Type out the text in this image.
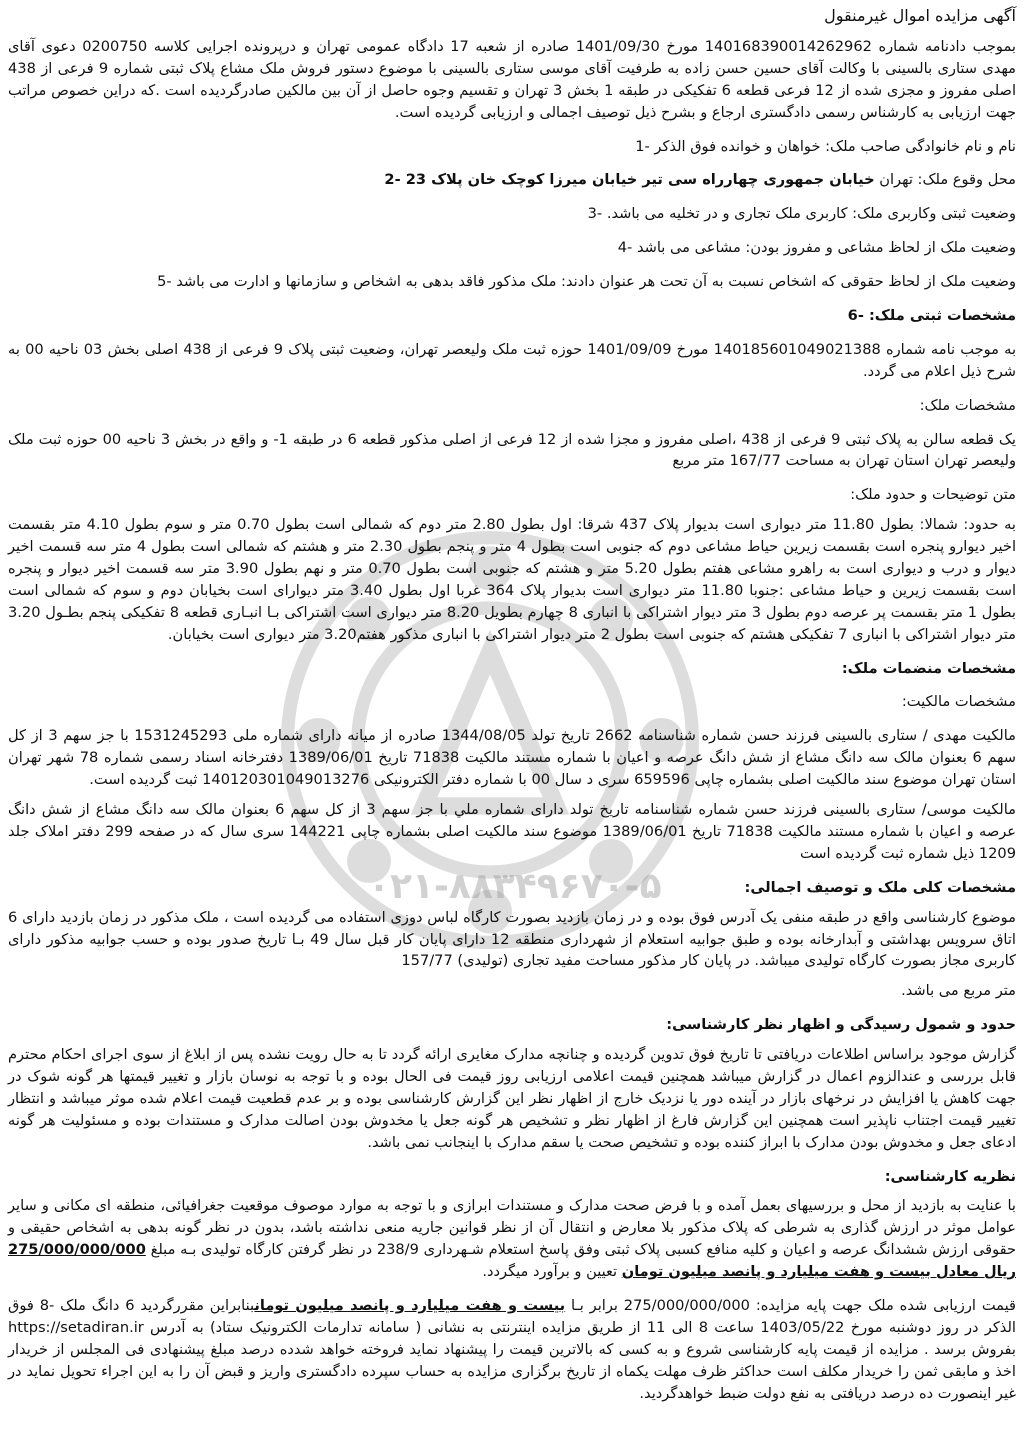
۰۲۱-۸۸۳۴۹۶۷۰-۵

آگهی مزایده اموال غیرمنقول

بموجب دادنامه شماره 140168390014262962 مورخ 1401/09/30 صادره از شعبه 17 دادگاه عمومی تهران و درپرونده اجرایی کلاسه 0200750 دعوی آقای مهدی ستاری بالسینی با وکالت آقای حسین حسن زاده به طرفیت آقای موسی ستاری بالسینی با موضوع دستور فروش ملک مشاع پلاک ثبتی شماره 9 فرعی از 438 اصلی مفروز و مجزی شده از 12 فرعی قطعه 6 تفکیکی در طبقه 1 بخش 3 تهران و تقسیم وجوه حاصل از آن بین مالکین صادرگردیده است .که دراین خصوص مراتب جهت ارزیابی به کارشناس رسمی دادگستری ارجاع و بشرح ذیل توصیف اجمالی و ارزیابی گردیده است.

نام و نام خانوادگی صاحب ملک: خواهان و خوانده فوق الذکر -1

محل وقوع ملک: تهران خیابان جمهوری چهارراه سی تیر خیابان میرزا کوچک خان پلاک 23 -2

وضعیت ثبتی وکاربری ملک: کاربری ملک تجاری و در تخلیه می باشد. -3

وضعیت ملک از لحاظ مشاعی و مفروز بودن: مشاعی می باشد -4

وضعیت ملک از لحاظ حقوقی که اشخاص نسبت به آن تحت هر عنوان دادند: ملک مذکور فاقد بدهی به اشخاص و سازمانها و ادارت می باشد -5

مشخصات ثبتی ملک: -6

به موجب نامه شماره 140185601049021388 مورخ 1401/09/09 حوزه ثبت ملک ولیعصر تهران، وضعیت ثبتی پلاک 9 فرعی از 438 اصلی بخش 03 ناحیه 00 به شرح ذیل اعلام می گردد.

مشخصات ملک:

یک قطعه سالن به پلاک ثبتی 9 فرعی از 438 ،اصلی مفروز و مجزا شده از 12 فرعی از اصلی مذکور قطعه 6 در طبقه 1- و واقع در بخش 3 ناحیه 00 حوزه ثبت ملک ولیعصر تهران استان تهران به مساحت 167/77 متر مربع

متن توضیحات و حدود ملک:

به حدود: شمالا: بطول 11.80 متر دیواری است بدیوار پلاک 437 شرقا: اول بطول 2.80 متر دوم که شمالی است بطول 0.70 متر و سوم بطول 4.10 متر بقسمت اخیر دیوارو پنجره است بقسمت زیرین حیاط مشاعی دوم که جنوبی است بطول 4 متر و پنجم بطول 2.30 متر و هشتم که شمالی است بطول 4 متر سه قسمت اخیر دیوار و درب و دیواری است به راهرو مشاعی هفتم بطول 5.20 متر و هشتم که جنوبی است بطول 0.70 متر و نهم بطول 3.90 متر سه قسمت اخیر دیوار و پنجره است بقسمت زیرین و حیاط مشاعی :جنوبا 11.80 متر دیواری است بدیوار پلاک 364 غربا اول بطول 3.40 متر دیوارای است بخیابان دوم و سوم که شمالی است بطول 1 متر بقسمت پر عرصه دوم بطول 3 متر دیوار اشتراکی با انباری 8 چهارم بطویل 8.20 متر دیواری است اشتراکی بـا انبـاری قطعه 8 تفکیکی پنجم بطـول 3.20 متر دیوار اشتراکی با انباری 7 تفکیکی هشتم که جنوبی است بطول 2 متر دیوار اشتراکی با انباری مذکور هفتم3.20 متر دیواری است بخیابان.

مشخصات منضمات ملک:

مشخصات مالکیت:

مالکیت مهدی / ستاری بالسینی فرزند حسن شماره شناسنامه 2662 تاریخ تولد 1344/08/05 صادره از میانه دارای شماره ملی 1531245293 با جز سهم 3 از کل سهم 6 بعنوان مالک سه دانگ مشاع از شش دانگ عرصه و اعیان با شماره مستند مالکیت 71838 تاریخ 1389/06/01 دفترخانه اسناد رسمی شماره 78 شهر تهران استان تهران موضوع سند مالکیت اصلی بشماره چاپی 659596 سری د سال 00 با شماره دفتر الکترونیکی 140120301049013276 ثبت گردیده است.

مالکیت موسی/ ستاری بالسینی فرزند حسن شماره شناسنامه تاریخ تولد دارای شماره ملي با جز سهم 3 از کل سهم 6 بعنوان مالک سه دانگ مشاع از شش دانگ عرصه و اعیان با شماره مستند مالکیت 71838 تاریخ 1389/06/01 موضوع سند مالکیت اصلی بشماره چاپی 144221 سری سال که در صفحه 299 دفتر املاک جلد 1209 ذیل شماره ثبت گردیده است

مشخصات کلی ملک و توصیف اجمالی:

موضوع کارشناسی واقع در طبقه منفی یک آدرس فوق بوده و در زمان بازدید بصورت کارگاه لباس دوزی استفاده می گردیده است ، ملک مذکور در زمان بازدید دارای 6 اتاق سرویس بهداشتی و آبدارخانه بوده و طبق جوابیه استعلام از شهرداری منطقه 12 دارای پایان کار قبل سال 49 بـا تاریخ صدور بوده و حسب جوابیه مذکور دارای کاربری مجاز بصورت کارگاه تولیدی میباشد. در پایان کار مذکور مساحت مفید تجاری (تولیدی) 157/77

متر مربع می باشد.

حدود و شمول رسیدگی و اظهار نظر کارشناسی:

گزارش موجود براساس اطلاعات دریافتی تا تاریخ فوق تدوین گردیده و چنانچه مدارک مغایری ارائه گردد تا به حال رویت نشده پس از ابلاغ از سوی اجرای احکام محترم قابل بررسی و عندالزوم اعمال در گزارش میباشد همچنین قیمت اعلامی ارزیابی روز قیمت فی الحال بوده و با توجه به نوسان بازار و تغییر قیمتها هر گونه شوک در جهت کاهش یا افزایش در نرخهای بازار در آینده دور یا نزدیک خارج از اظهار نظر این گزارش کارشناسی بوده و بر عدم قطعیت قیمت اعلام شده موثر میباشد و انتظار تغییر قیمت اجتناب ناپذیر است همچنین این گزارش فارغ از اظهار نظر و تشخیص هر گونه جعل یا مخدوش بودن اصالت مدارک و مستندات بوده و مسئولیت هر گونه ادعای جعل و مخدوش بودن مدارک با ابراز کننده بوده و تشخیص صحت یا سقم مدارک با اینجانب نمی باشد.

نظریه کارشناسی:

با عنایت به بازدید از محل و بررسیهای بعمل آمده و با فرض صحت مدارک و مستندات ابرازی و با توجه به موارد موصوف موقعیت جغرافیائی، منطقه ای مکانی و سایر عوامل موثر در ارزش گذاری به شرطی که پلاک مذکور بلا معارض و انتقال آن از نظر قوانین جاریه منعی نداشته باشد، بدون در نظر گونه بدهی به اشخاص حقیقی و حقوقی ارزش ششدانگ عرصه و اعیان و کلیه منافع کسبی پلاک ثبتی وفق پاسخ استعلام شـهرداری 238/9 در نظر گرفتن کارگاه تولیدی بـه مبلغ 275/000/000/000 ریال معادل بیست و هفت میلیارد و پانصد میلیون تومان تعیین و برآورد میگردد.

قیمت ارزیابی شده ملک جهت پایه مزایده: 275/000/000/000 برابر بـا بیست و هفت میلیارد و پانصد میلیون تومانبنابراین مقررگردید 6 دانگ ملک -8 فوق الذکر در روز دوشنبه مورخ 1403/05/22 ساعت 8 الی 11 از طریق مزایده اینترنتی به نشانی ( سامانه تدارمات الکترونیک ستاد) به آدرس https://setadiran.ir بفروش برسد . مزایده از قیمت پایه کارشناسی شروع و به کسی که بالاترین قیمت را پیشنهاد نماید فروخته خواهد شدده درصد مبلغ پیشنهادی فی المجلس از خریدار اخذ و مابقی ثمن را خریدار مکلف است حداکثر ظرف مهلت یکماه از تاریخ برگزاری مزایده به حساب سپرده دادگستری واریز و قبض آن را به این اجراء تحویل نماید در غیر اینصورت ده درصد دریافتی به نفع دولت ضبط خواهدگردید.
